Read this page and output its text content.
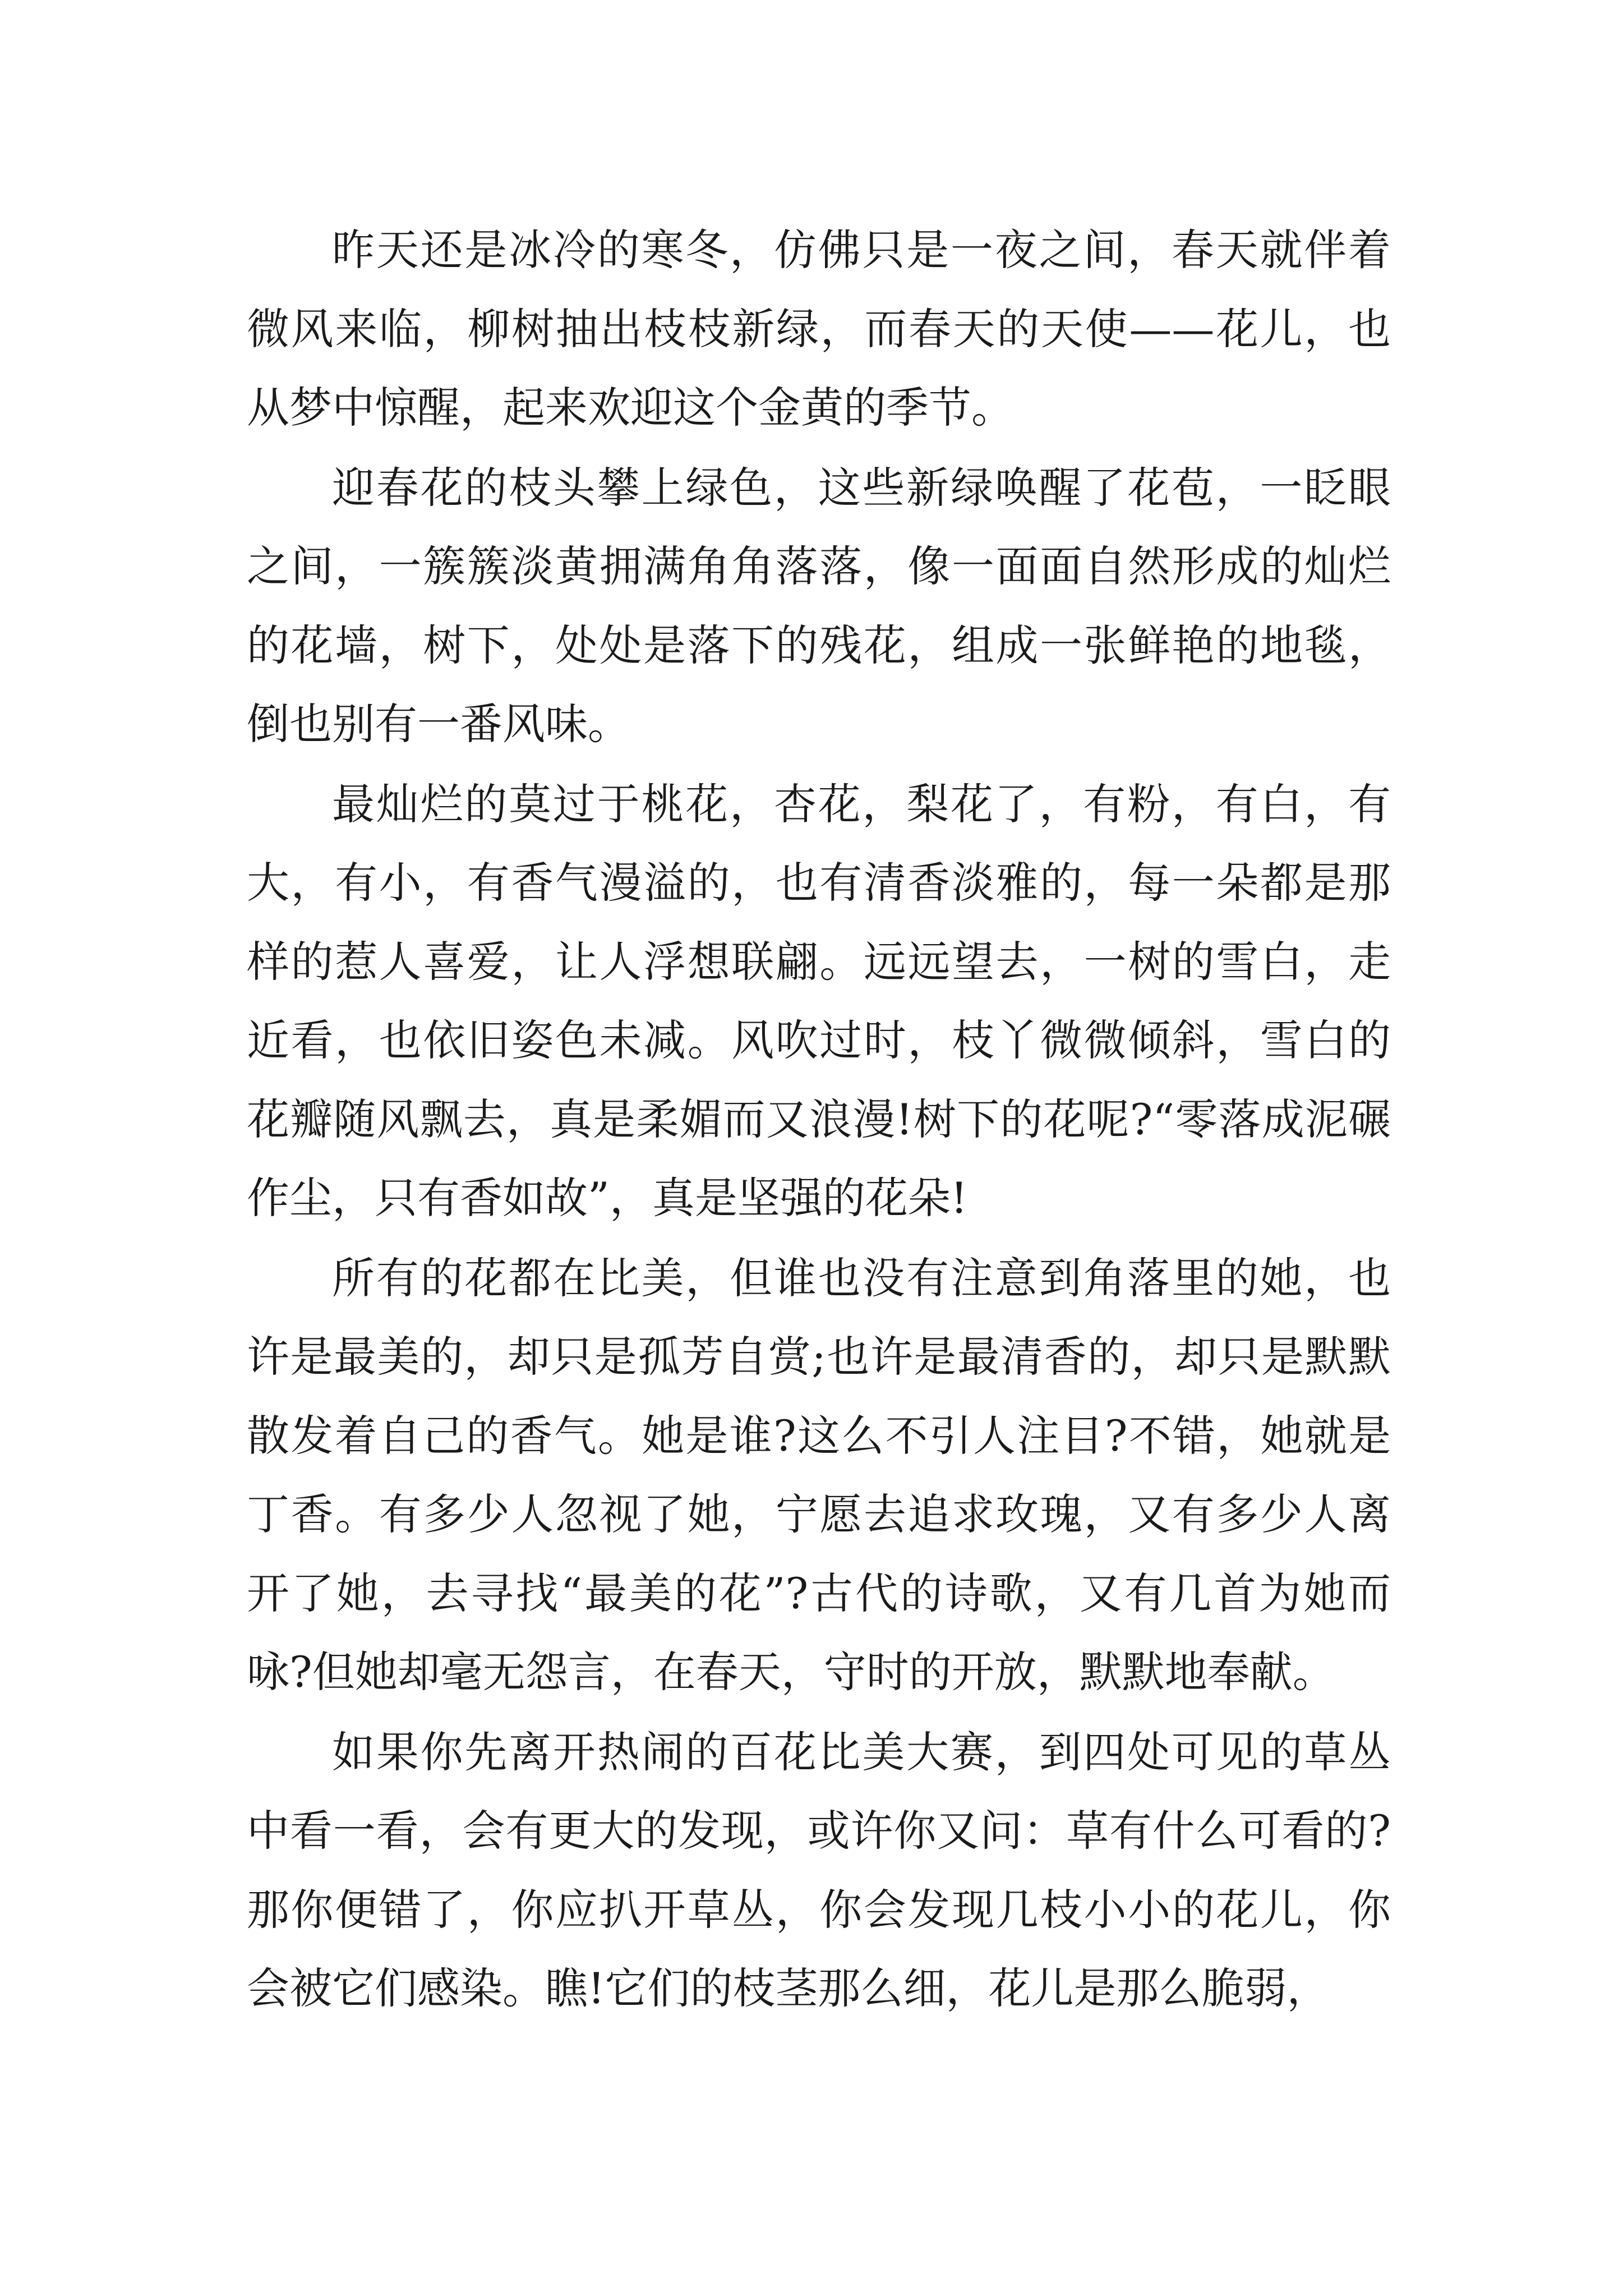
昨天还是冰冷的寒冬，仿佛只是一夜之间，春天就伴着微风来临，柳树抽出枝枝新绿，而春天的天使——花儿，也从梦中惊醒，起来欢迎这个金黄的季节。

迎春花的枝头攀上绿色，这些新绿唤醒了花苞，一眨眼之间，一簇簇淡黄拥满角角落落，像一面面自然形成的灿烂的花墙，树下，处处是落下的残花，组成一张鲜艳的地毯，倒也别有一番风味。

最灿烂的莫过于桃花，杏花，梨花了，有粉，有白，有大，有小，有香气漫溢的，也有清香淡雅的，每一朵都是那样的惹人喜爱，让人浮想联翩。远远望去，一树的雪白，走近看，也依旧姿色未减。风吹过时，枝丫微微倾斜，雪白的花瓣随风飘去，真是柔媚而又浪漫!树下的花呢?“零落成泥碾作尘，只有香如故”，真是坚强的花朵!

所有的花都在比美，但谁也没有注意到角落里的她，也许是最美的，却只是孤芳自赏;也许是最清香的，却只是默默散发着自己的香气。她是谁?这么不引人注目?不错，她就是丁香。有多少人忽视了她，宁愿去追求玫瑰，又有多少人离开了她，去寻找“最美的花”?古代的诗歌，又有几首为她而咏?但她却毫无怨言，在春天，守时的开放，默默地奉献。

如果你先离开热闹的百花比美大赛，到四处可见的草丛中看一看，会有更大的发现，或许你又问：草有什么可看的?那你便错了，你应扒开草丛，你会发现几枝小小的花儿，你会被它们感染。瞧!它们的枝茎那么细，花儿是那么脆弱，
